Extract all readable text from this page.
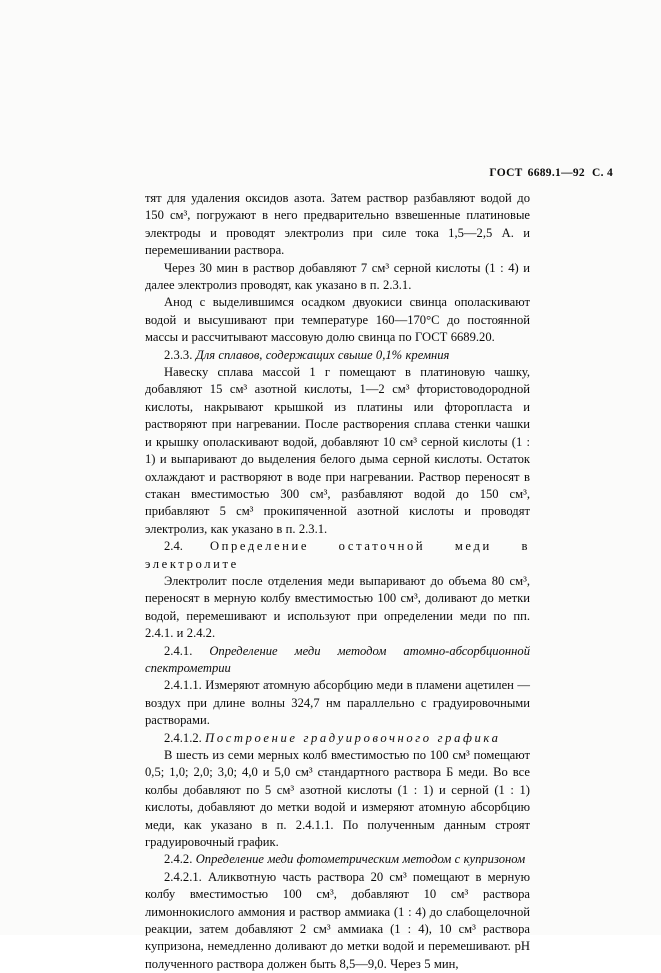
ГОСТ 6689.1—92 С. 4

тят для удаления оксидов азота. Затем раствор разбавляют водой до 150 см³, погружают в него предварительно взвешенные платиновые электроды и проводят электролиз при силе тока 1,5—2,5 А. и перемешивании раствора.

Через 30 мин в раствор добавляют 7 см³ серной кислоты (1 : 4) и далее электролиз проводят, как указано в п. 2.3.1.

Анод с выделившимся осадком двуокиси свинца ополаскивают водой и высушивают при температуре 160—170°С до постоянной массы и рассчитывают массовую долю свинца по ГОСТ 6689.20.

2.3.3. Для сплавов, содержащих свыше 0,1% кремния

Навеску сплава массой 1 г помещают в платиновую чашку, добавляют 15 см³ азотной кислоты, 1—2 см³ фтористоводородной кислоты, накрывают крышкой из платины или фторопласта и растворяют при нагревании. После растворения сплава стенки чашки и крышку ополаскивают водой, добавляют 10 см³ серной кислоты (1 : 1) и выпаривают до выделения белого дыма серной кислоты. Остаток охлаждают и растворяют в воде при нагревании. Раствор переносят в стакан вместимостью 300 см³, разбавляют водой до 150 см³, прибавляют 5 см³ прокипяченной азотной кислоты и проводят электролиз, как указано в п. 2.3.1.

2.4. Определение остаточной меди в электролите

Электролит после отделения меди выпаривают до объема 80 см³, переносят в мерную колбу вместимостью 100 см³, доливают до метки водой, перемешивают и используют при определении меди по пп. 2.4.1. и 2.4.2.

2.4.1. Определение меди методом атомно-абсорбционной спектрометрии

2.4.1.1. Измеряют атомную абсорбцию меди в пламени ацетилен — воздух при длине волны 324,7 нм параллельно с градуировочными растворами.

2.4.1.2. Построение градуировочного графика

В шесть из семи мерных колб вместимостью по 100 см³ помещают 0,5; 1,0; 2,0; 3,0; 4,0 и 5,0 см³ стандартного раствора Б меди. Во все колбы добавляют по 5 см³ азотной кислоты (1 : 1) и серной (1 : 1) кислоты, добавляют до метки водой и измеряют атомную абсорбцию меди, как указано в п. 2.4.1.1. По полученным данным строят градуировочный график.

2.4.2. Определение меди фотометрическим методом с купризоном

2.4.2.1. Аликвотную часть раствора 20 см³ помещают в мерную колбу вместимостью 100 см³, добавляют 10 см³ раствора лимоннокислого аммония и раствор аммиака (1 : 4) до слабощелочной реакции, затем добавляют 2 см³ аммиака (1 : 4), 10 см³ раствора купризона, немедленно доливают до метки водой и перемешивают. рН полученного раствора должен быть 8,5—9,0. Через 5 мин,
